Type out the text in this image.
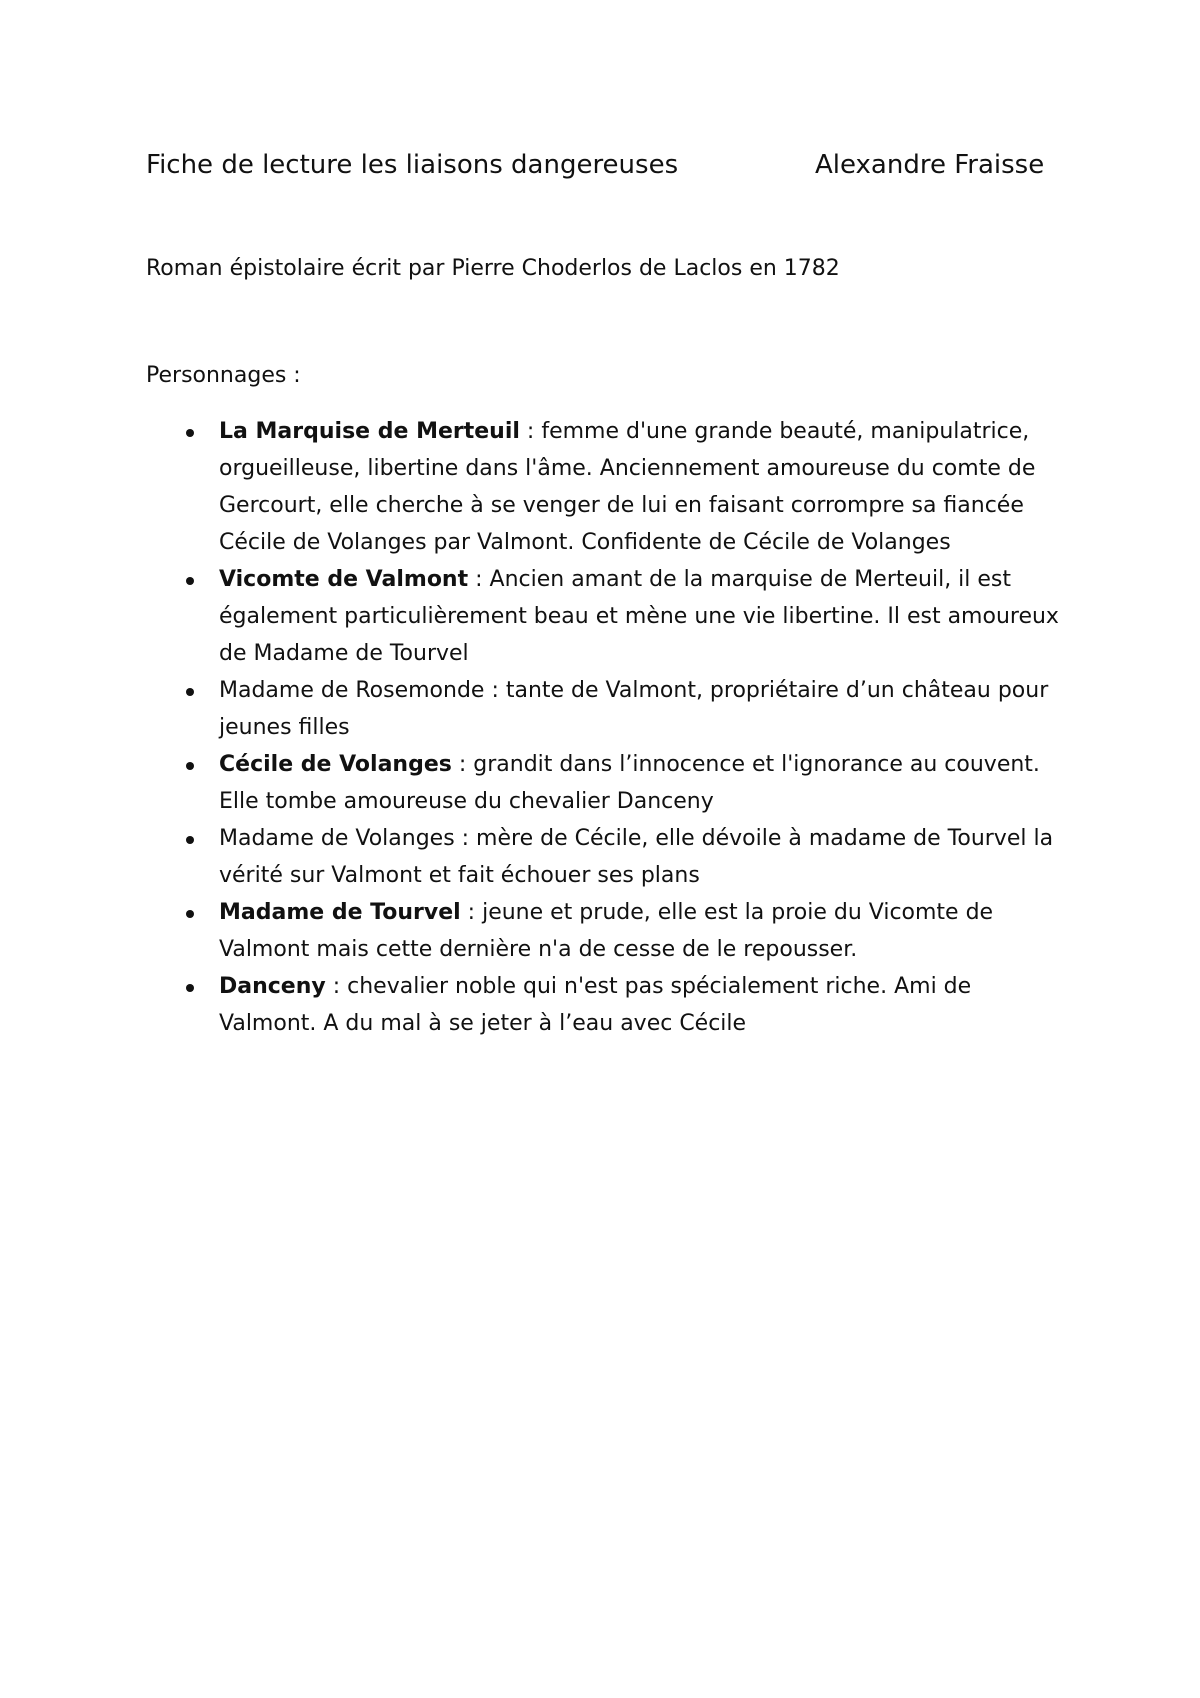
Fiche de lecture les liaisons dangereuses	Alexandre Fraisse
Roman épistolaire écrit par Pierre Choderlos de Laclos en 1782
Personnages :
La Marquise de Merteuil : femme d'une grande beauté, manipulatrice, orgueilleuse, libertine dans l'âme. Anciennement amoureuse du comte de Gercourt, elle cherche à se venger de lui en faisant corrompre sa fiancée Cécile de Volanges par Valmont. Confidente de Cécile de Volanges
Vicomte de Valmont : Ancien amant de la marquise de Merteuil, il est également particulièrement beau et mène une vie libertine. Il est amoureux de Madame de Tourvel
Madame de Rosemonde : tante de Valmont, propriétaire d’un château pour jeunes filles
Cécile de Volanges : grandit dans l’innocence et l'ignorance au couvent. Elle tombe amoureuse du chevalier Danceny
Madame de Volanges : mère de Cécile, elle dévoile à madame de Tourvel la vérité sur Valmont et fait échouer ses plans
Madame de Tourvel : jeune et prude, elle est la proie du Vicomte de Valmont mais cette dernière n'a de cesse de le repousser.
Danceny : chevalier noble qui n'est pas spécialement riche. Ami de Valmont. A du mal à se jeter à l’eau avec Cécile
